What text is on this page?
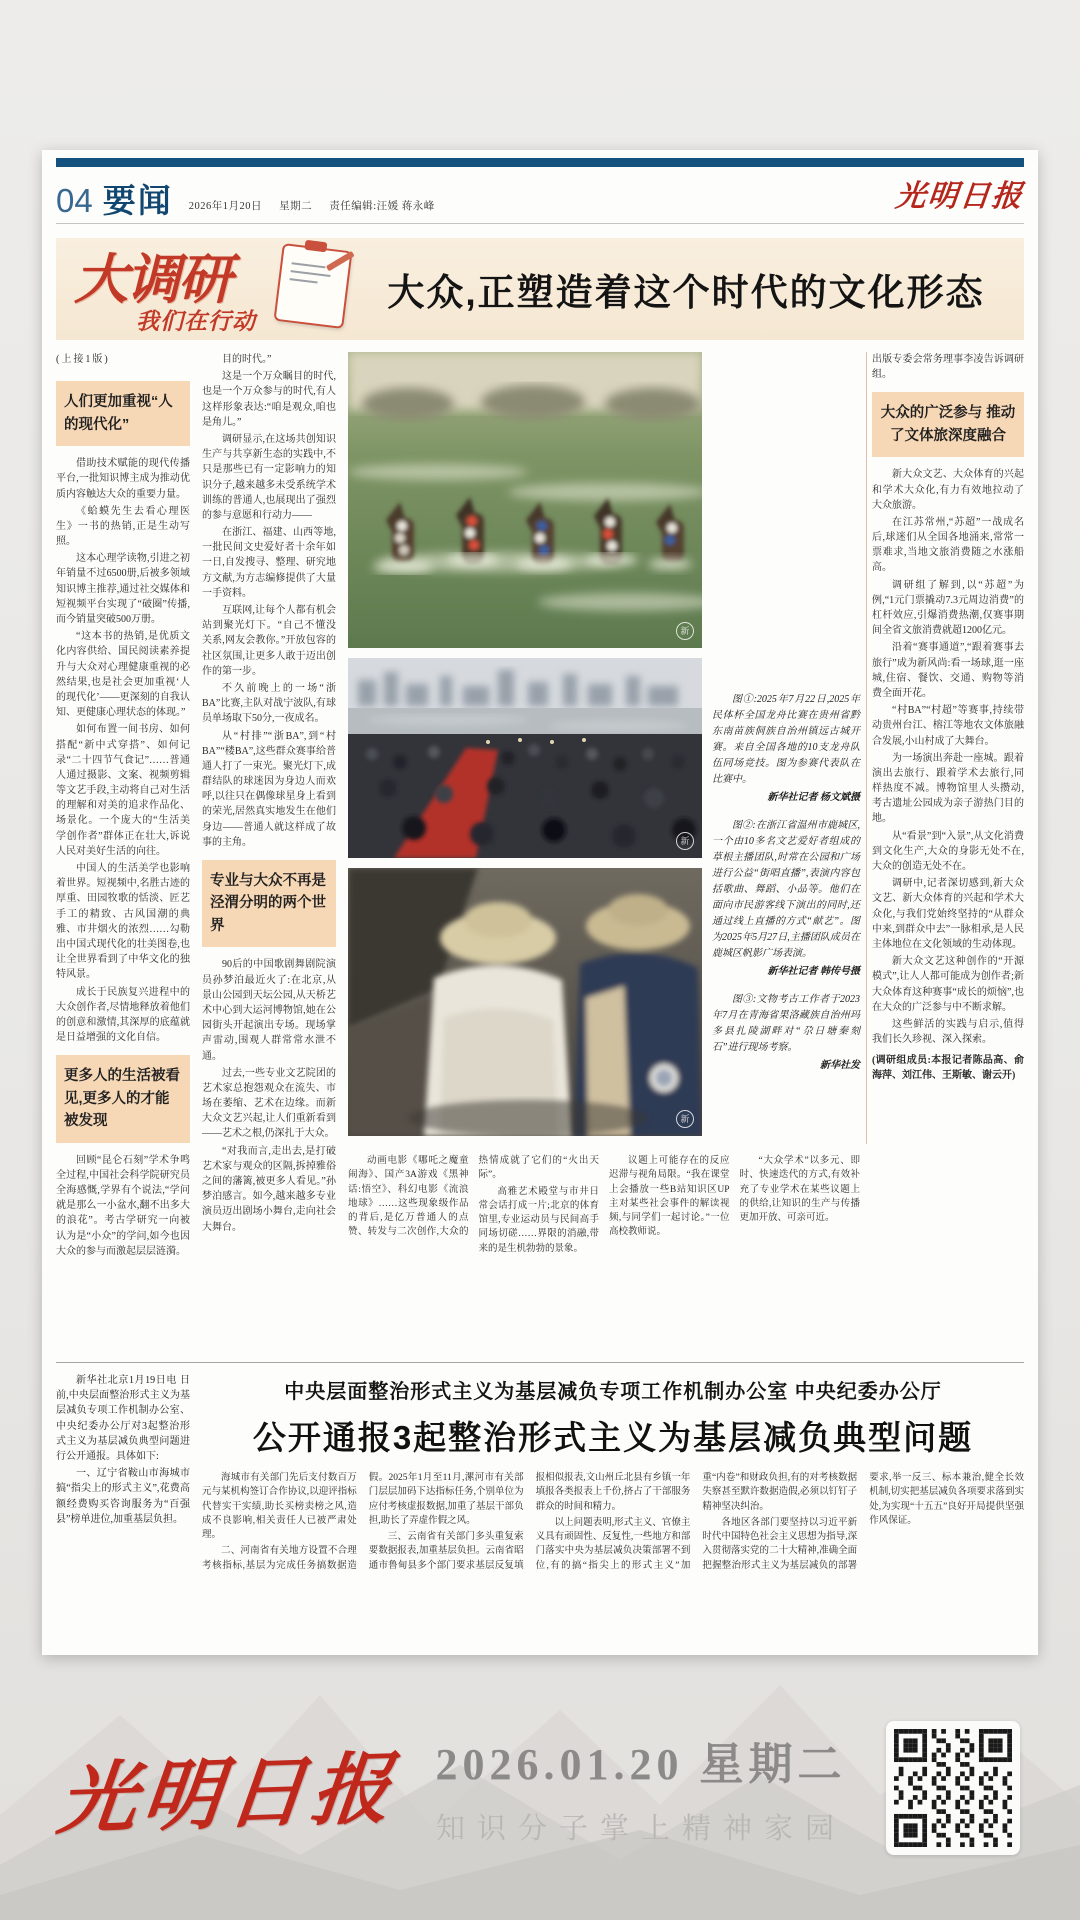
04 要闻 2026年1月20日 星期二 责任编辑:汪媛 蒋永峰	光明日报
大调研
我们在行动
大众,正塑造着这个时代的文化形态

(上接1版)

人们更加重视“人的现代化”

借助技术赋能的现代传播平台,一批知识博主成为推动优质内容触达大众的重要力量。

《蛤蟆先生去看心理医生》一书的热销,正是生动写照。

这本心理学读物,引进之初年销量不过6500册,后被多领域知识博主推荐,通过社交媒体和短视频平台实现了“破圈”传播,而今销量突破500万册。

“这本书的热销,是优质文化内容供给、国民阅读素养提升与大众对心理健康重视的必然结果,也是社会更加重视‘人的现代化’——更深刻的自我认知、更健康心理状态的体现。”

如何布置一间书房、如何搭配“新中式穿搭”、如何记录“二十四节气食记”……普通人通过摄影、文案、视频剪辑等文艺手段,主动将自己对生活的理解和对美的追求作品化、场景化。一个庞大的“生活美学创作者”群体正在壮大,诉说人民对美好生活的向往。

中国人的生活美学也影响着世界。短视频中,名胜古迹的厚重、田园牧歌的恬淡、匠艺手工的精致、古风国潮的典雅、市井烟火的浓烈……勾勒出中国式现代化的壮美图卷,也让全世界看到了中华文化的独特风景。

成长于民族复兴进程中的大众创作者,尽情地释放着他们的创意和激情,其深厚的底蕴就是日益增强的文化自信。

更多人的生活被看见,更多人的才能被发现

回顾“昆仑石刻”学术争鸣全过程,中国社会科学院研究员全海感慨,学界有个说法,“学问就是那么一小盆水,翻不出多大的浪花”。考古学研究一向被认为是“小众”的学问,如今也因大众的参与而激起层层涟漪。

目的时代。”

这是一个万众瞩目的时代,也是一个万众参与的时代,有人这样形象表达:“咱是观众,咱也是角儿。”

调研显示,在这场共创知识生产与共享新生态的实践中,不只是那些已有一定影响力的知识分子,越来越多未受系统学术训练的普通人,也展现出了强烈的参与意愿和行动力——

在浙江、福建、山西等地,一批民间文史爱好者十余年如一日,自发搜寻、整理、研究地方文献,为方志编修提供了大量一手资料。

互联网,让每个人都有机会站到聚光灯下。“自己不懂没关系,网友会教你。”开放包容的社区氛围,让更多人敢于迈出创作的第一步。

不久前晚上的一场“浙BA”比赛,主队对战宁波队,有球员单场取下50分,一夜成名。

从“村排”“浙BA”,到“村BA”“楼BA”,这些群众赛事给普通人打了一束光。聚光灯下,成群结队的球迷因为身边人而欢呼,以往只在偶像球星身上看到的荣光,居然真实地发生在他们身边——普通人就这样成了故事的主角。

专业与大众不再是泾渭分明的两个世界

90后的中国歌剧舞剧院演员孙梦泊最近火了:在北京,从景山公园到天坛公园,从天桥艺术中心到大运河博物馆,她在公园街头开起演出专场。现场掌声雷动,围观人群常常水泄不通。

过去,一些专业文艺院团的艺术家总抱怨观众在流失、市场在萎缩、艺术在边缘。而新大众文艺兴起,让人们重新看到——艺术之根,仍深扎于大众。

“对我而言,走出去,是打破艺术家与观众的区隔,拆掉雅俗之间的藩篱,被更多人看见。”孙梦泊感言。如今,越来越多专业演员迈出剧场小舞台,走向社会大舞台。

新
新
新

图①:2025年7月22日,2025年民体杯全国龙舟比赛在贵州省黔东南苗族侗族自治州镇远古城开赛。来自全国各地的10支龙舟队伍同场竞技。图为参赛代表队在比赛中。

新华社记者 杨文斌摄

图②:在浙江省温州市鹿城区,一个由10多名文艺爱好者组成的草根主播团队,时常在公园和广场进行公益“街唱直播”,表演内容包括歌曲、舞蹈、小品等。他们在面向市民游客线下演出的同时,还通过线上直播的方式“献艺”。图为2025年5月27日,主播团队成员在鹿城区帆影广场表演。

新华社记者 韩传号摄

图③:文物考古工作者于2023年7月在青海省果洛藏族自治州玛多县扎陵湖畔对“尕日塘秦刻石”进行现场考察。

新华社发

动画电影《哪吒之魔童闹海》、国产3A游戏《黑神话:悟空》、科幻电影《流浪地球》……这些现象级作品的背后,是亿万普通人的点赞、转发与二次创作,大众的热情成就了它们的“火出天际”。

高雅艺术殿堂与市井日常会话打成一片;北京的体育馆里,专业运动员与民间高手同场切磋……界限的消融,带来的是生机勃勃的景象。

议题上可能存在的反应迟滞与视角局限。“我在课堂上会播放一些B站知识区UP主对某些社会事件的解读视频,与同学们一起讨论。”一位高校教师说。

“大众学术”以多元、即时、快速迭代的方式,有效补充了专业学术在某些议题上的供给,让知识的生产与传播更加开放、可亲可近。

出版专委会常务理事李凌告诉调研组。

大众的广泛参与 推动了文体旅深度融合

新大众文艺、大众体育的兴起和学术大众化,有力有效地拉动了大众旅游。

在江苏常州,“苏超”一战成名后,球迷们从全国各地涌来,常常一票难求,当地文旅消费随之水涨船高。

调研组了解到,以“苏超”为例,“1元门票撬动7.3元周边消费”的杠杆效应,引爆消费热潮,仅赛事期间全省文旅消费就超1200亿元。

沿着“赛事通道”,“跟着赛事去旅行”成为新风尚:看一场球,逛一座城,住宿、餐饮、交通、购物等消费全面开花。

“村BA”“村超”等赛事,持续带动贵州台江、榕江等地农文体旅融合发展,小山村成了大舞台。

为一场演出奔赴一座城。跟着演出去旅行、跟着学术去旅行,同样热度不减。博物馆里人头攒动,考古遗址公园成为亲子游热门目的地。

从“看景”到“入景”,从文化消费到文化生产,大众的身影无处不在,大众的创造无处不在。

调研中,记者深切感到,新大众文艺、新大众体育的兴起和学术大众化,与我们党始终坚持的“从群众中来,到群众中去”一脉相承,是人民主体地位在文化领域的生动体现。

新大众文艺这种创作的“开源模式”,让人人都可能成为创作者;新大众体育这种赛事“成长的烦恼”,也在大众的广泛参与中不断求解。

这些鲜活的实践与启示,值得我们长久珍视、深入探索。

(调研组成员:本报记者陈品高、俞海萍、刘江伟、王斯敏、谢云开)

新华社北京1月19日电 日前,中央层面整治形式主义为基层减负专项工作机制办公室、中央纪委办公厅对3起整治形式主义为基层减负典型问题进行公开通报。具体如下:

一、辽宁省鞍山市海城市搞“指尖上的形式主义”,花费高额经费购买咨询服务为“百强县”榜单进位,加重基层负担。

中央层面整治形式主义为基层减负专项工作机制办公室 中央纪委办公厅
公开通报3起整治形式主义为基层减负典型问题

海城市有关部门先后支付数百万元与某机构签订合作协议,以迎评指标代替实干实绩,助长买榜卖榜之风,造成不良影响,相关责任人已被严肃处理。

二、河南省有关地方设置不合理考核指标,基层为完成任务搞数据造假。2025年1月至11月,漯河市有关部门层层加码下达指标任务,个别单位为应付考核虚报数据,加重了基层干部负担,助长了弄虚作假之风。

三、云南省有关部门多头重复索要数据报表,加重基层负担。云南省昭通市鲁甸县多个部门要求基层反复填报相似报表,文山州丘北县有乡镇一年填报各类报表上千份,挤占了干部服务群众的时间和精力。

以上问题表明,形式主义、官僚主义具有顽固性、反复性,一些地方和部门落实中央为基层减负决策部署不到位,有的搞“指尖上的形式主义”加重“内卷”和财政负担,有的对考核数据失察甚至默许数据造假,必须以钉钉子精神坚决纠治。

各地区各部门要坚持以习近平新时代中国特色社会主义思想为指导,深入贯彻落实党的二十大精神,准确全面把握整治形式主义为基层减负的部署要求,举一反三、标本兼治,健全长效机制,切实把基层减负各项要求落到实处,为实现“十五五”良好开局提供坚强作风保证。

光明日报 2026.01.20 星期二
知识分子掌上精神家园
